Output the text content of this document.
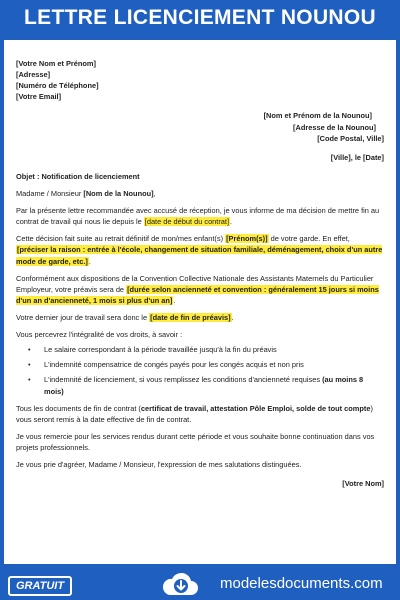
LETTRE LICENCIEMENT NOUNOU
[Votre Nom et Prénom]
[Adresse]
[Numéro de Téléphone]
[Votre Email]
[Nom et Prénom de la Nounou]
[Adresse de la Nounou]
[Code Postal, Ville]
[Ville], le [Date]
Objet : Notification de licenciement

Madame / Monsieur [Nom de la Nounou],

Par la présente lettre recommandée avec accusé de réception, je vous informe de ma décision de mettre fin au contrat de travail qui nous lie depuis le [date de début du contrat].

Cette décision fait suite au retrait définitif de mon/mes enfant(s) [Prénom(s)] de votre garde. En effet, [préciser la raison : entrée à l'école, changement de situation familiale, déménagement, choix d'un autre mode de garde, etc.].

Conformément aux dispositions de la Convention Collective Nationale des Assistants Maternels du Particulier Employeur, votre préavis sera de [durée selon ancienneté et convention : généralement 15 jours si moins d'un an d'ancienneté, 1 mois si plus d'un an].

Votre dernier jour de travail sera donc le [date de fin de préavis].

Vous percevrez l'intégralité de vos droits, à savoir :

• Le salaire correspondant à la période travaillée jusqu'à la fin du préavis
• L'indemnité compensatrice de congés payés pour les congés acquis et non pris
• L'indemnité de licenciement, si vous remplissez les conditions d'ancienneté requises (au moins 8 mois)

Tous les documents de fin de contrat (certificat de travail, attestation Pôle Emploi, solde de tout compte) vous seront remis à la date effective de fin de contrat.

Je vous remercie pour les services rendus durant cette période et vous souhaite bonne continuation dans vos projets professionnels.

Je vous prie d'agréer, Madame / Monsieur, l'expression de mes salutations distinguées.

[Votre Nom]
GRATUIT	modelesdocuments.com
